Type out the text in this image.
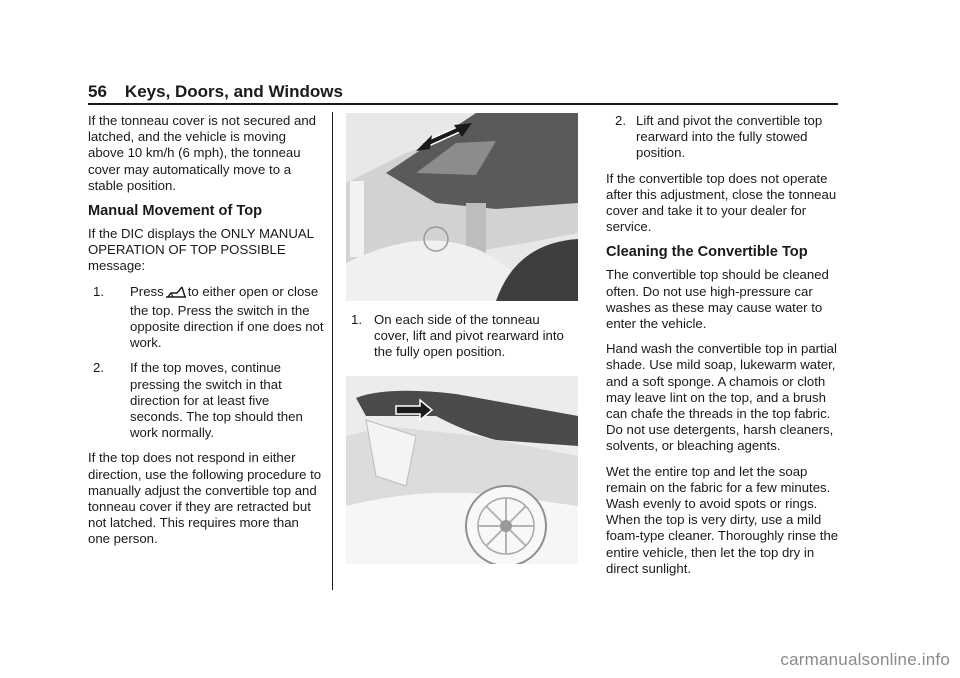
56 Keys, Doors, and Windows

If the tonneau cover is not secured and latched, and the vehicle is moving above 10 km/h (6 mph), the tonneau cover may automatically move to a stable position.

Manual Movement of Top

If the DIC displays the ONLY MANUAL OPERATION OF TOP POSSIBLE message:

1. Press to either open or close the top. Press the switch in the opposite direction if one does not work.
2. If the top moves, continue pressing the switch in that direction for at least five seconds. The top should then work normally.

If the top does not respond in either direction, use the following procedure to manually adjust the convertible top and tonneau cover if they are retracted but not latched. This requires more than one person.

1. On each side of the tonneau cover, lift and pivot rearward into the fully open position.
2. Lift and pivot the convertible top rearward into the fully stowed position.

If the convertible top does not operate after this adjustment, close the tonneau cover and take it to your dealer for service.

Cleaning the Convertible Top

The convertible top should be cleaned often. Do not use high-pressure car washes as these may cause water to enter the vehicle.

Hand wash the convertible top in partial shade. Use mild soap, lukewarm water, and a soft sponge. A chamois or cloth may leave lint on the top, and a brush can chafe the threads in the top fabric. Do not use detergents, harsh cleaners, solvents, or bleaching agents.

Wet the entire top and let the soap remain on the fabric for a few minutes. Wash evenly to avoid spots or rings. When the top is very dirty, use a mild foam-type cleaner. Thoroughly rinse the entire vehicle, then let the top dry in direct sunlight.

carmanualsonline.info
